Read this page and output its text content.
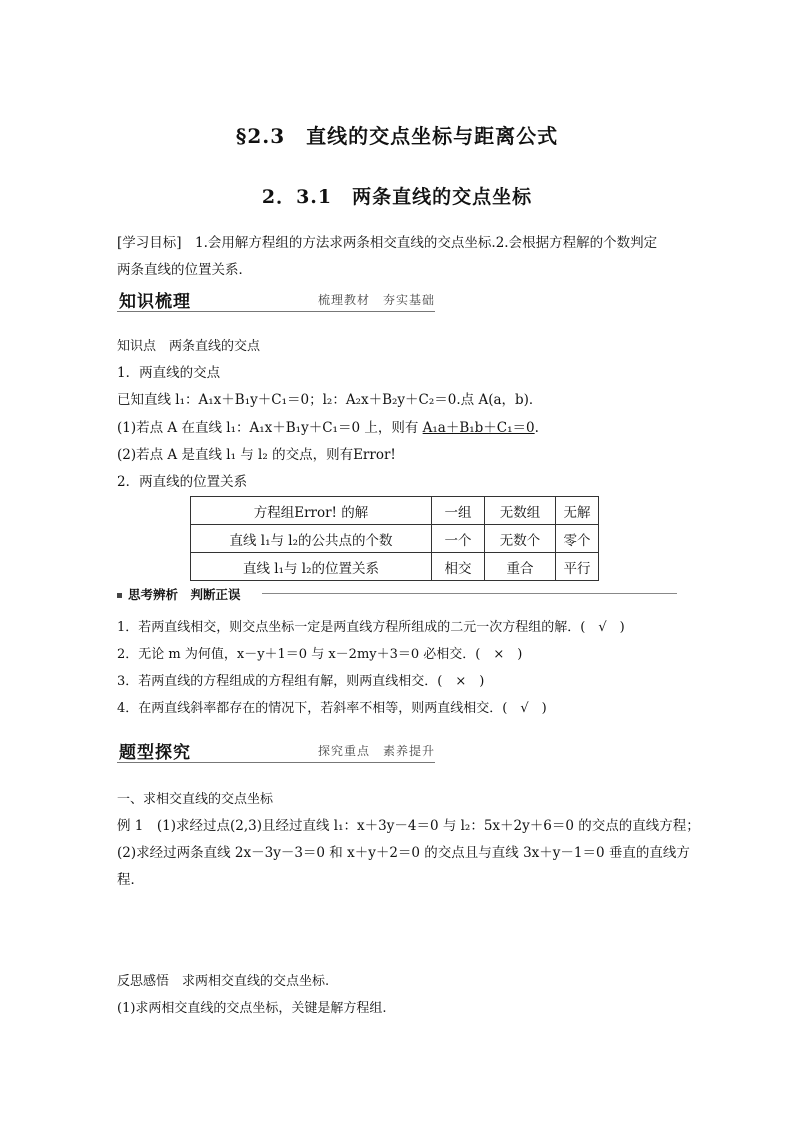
§2.3　直线的交点坐标与距离公式
2．3.1　两条直线的交点坐标
[学习目标]　1.会用解方程组的方法求两条相交直线的交点坐标.2.会根据方程解的个数判定
两条直线的位置关系．
知识梳理	梳理教材　夯实基础
知识点　两条直线的交点
1．两直线的交点
已知直线 l₁：A₁x＋B₁y＋C₁＝0；l₂：A₂x＋B₂y＋C₂＝0.点 A(a，b)．
(1)若点 A 在直线 l₁：A₁x＋B₁y＋C₁＝0 上，则有 A₁a＋B₁b＋C₁＝0.
(2)若点 A 是直线 l₁ 与 l₂ 的交点，则有Error!
2．两直线的位置关系
方程组Error! 的解	一组	无数组	无解
直线 l₁与 l₂的公共点的个数	一个	无数个	零个
直线 l₁与 l₂的位置关系	相交	重合	平行
思考辨析　判断正误
1．若两直线相交，则交点坐标一定是两直线方程所组成的二元一次方程组的解．(　√　)
2．无论 m 为何值，x－y＋1＝0 与 x－2my＋3＝0 必相交．(　×　)
3．若两直线的方程组成的方程组有解，则两直线相交．(　×　)
4．在两直线斜率都存在的情况下，若斜率不相等，则两直线相交．(　√　)
题型探究	探究重点　素养提升
一、求相交直线的交点坐标
例 1　(1)求经过点(2,3)且经过直线 l₁：x＋3y－4＝0 与 l₂：5x＋2y＋6＝0 的交点的直线方程；
(2)求经过两条直线 2x－3y－3＝0 和 x＋y＋2＝0 的交点且与直线 3x＋y－1＝0 垂直的直线方
程．
反思感悟　求两相交直线的交点坐标.
(1)求两相交直线的交点坐标，关键是解方程组.
